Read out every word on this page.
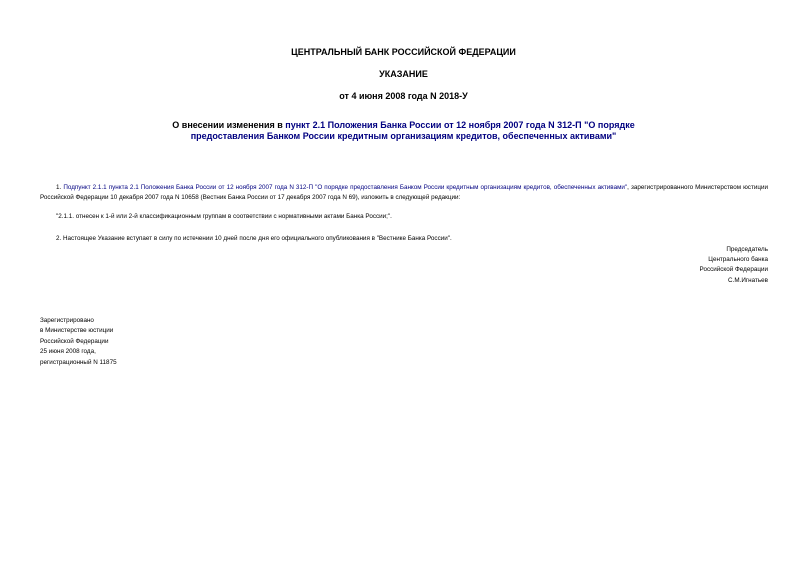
ЦЕНТРАЛЬНЫЙ БАНК РОССИЙСКОЙ ФЕДЕРАЦИИ
УКАЗАНИЕ
от 4 июня 2008 года N 2018-У
О внесении изменения в пункт 2.1 Положения Банка России от 12 ноября 2007 года N 312-П "О порядке предоставления Банком России кредитным организациям кредитов, обеспеченных активами"
1. Подпункт 2.1.1 пункта 2.1 Положения Банка России от 12 ноября 2007 года N 312-П "О порядке предоставления Банком России кредитным организациям кредитов, обеспеченных активами", зарегистрированного Министерством юстиции Российской Федерации 10 декабря 2007 года N 10658 (Вестник Банка России от 17 декабря 2007 года N 69), изложить в следующей редакции:
"2.1.1. отнесен к 1-й или 2-й классификационным группам в соответствии с нормативными актами Банка России;".
2. Настоящее Указание вступает в силу по истечении 10 дней после дня его официального опубликования в "Вестнике Банка России".
Председатель
Центрального банка
Российской Федерации
С.М.Игнатьев
Зарегистрировано
в Министерстве юстиции
Российской Федерации
25 июня 2008 года,
регистрационный N 11875
